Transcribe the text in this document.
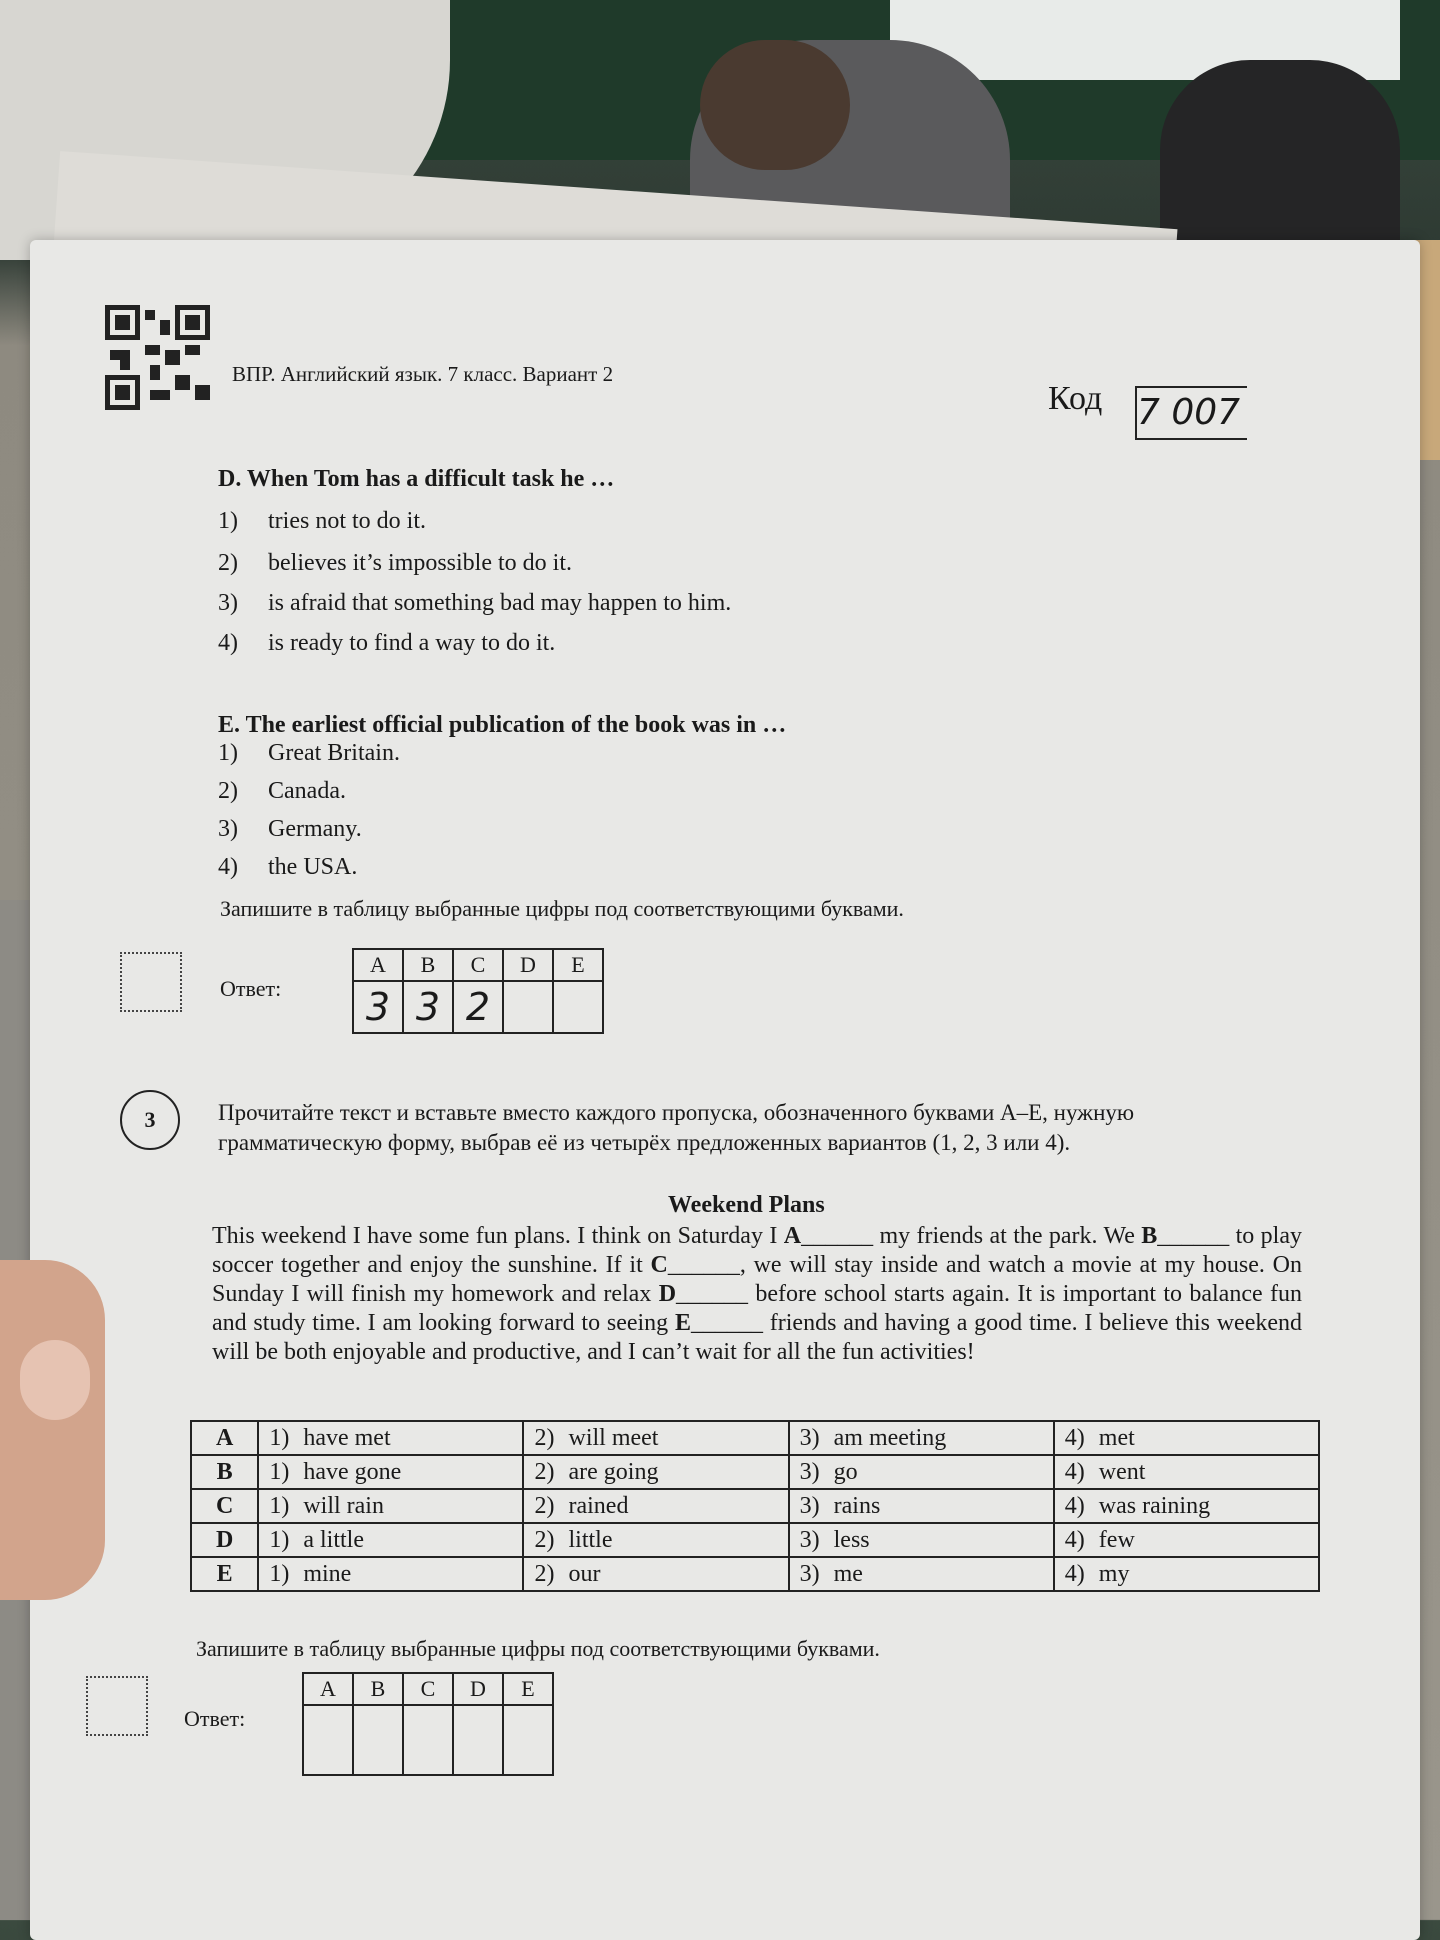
ВПР. Английский язык. 7 класс. Вариант 2
Код 7 007
D. When Tom has a difficult task he …
1) tries not to do it.
2) believes it’s impossible to do it.
3) is afraid that something bad may happen to him.
4) is ready to find a way to do it.
E. The earliest official publication of the book was in …
1) Great Britain.
2) Canada.
3) Germany.
4) the USA.
Запишите в таблицу выбранные цифры под соответствующими буквами.
Ответ:
A	B	C	D	E
3	3	2		
3	Прочитайте текст и вставьте вместо каждого пропуска, обозначенного буквами A–E, нужную грамматическую форму, выбрав её из четырёх предложенных вариантов (1, 2, 3 или 4).
Weekend Plans
This weekend I have some fun plans. I think on Saturday I A______ my friends at the park. We B______ to play soccer together and enjoy the sunshine. If it C______, we will stay inside and watch a movie at my house. On Sunday I will finish my homework and relax D______ before school starts again. It is important to balance fun and study time. I am looking forward to seeing E______ friends and having a good time. I believe this weekend will be both enjoyable and productive, and I can’t wait for all the fun activities!
A	1) have met	2) will meet	3) am meeting	4) met
B	1) have gone	2) are going	3) go	4) went
C	1) will rain	2) rained	3) rains	4) was raining
D	1) a little	2) little	3) less	4) few
E	1) mine	2) our	3) me	4) my
Запишите в таблицу выбранные цифры под соответствующими буквами.
Ответ:
A	B	C	D	E
